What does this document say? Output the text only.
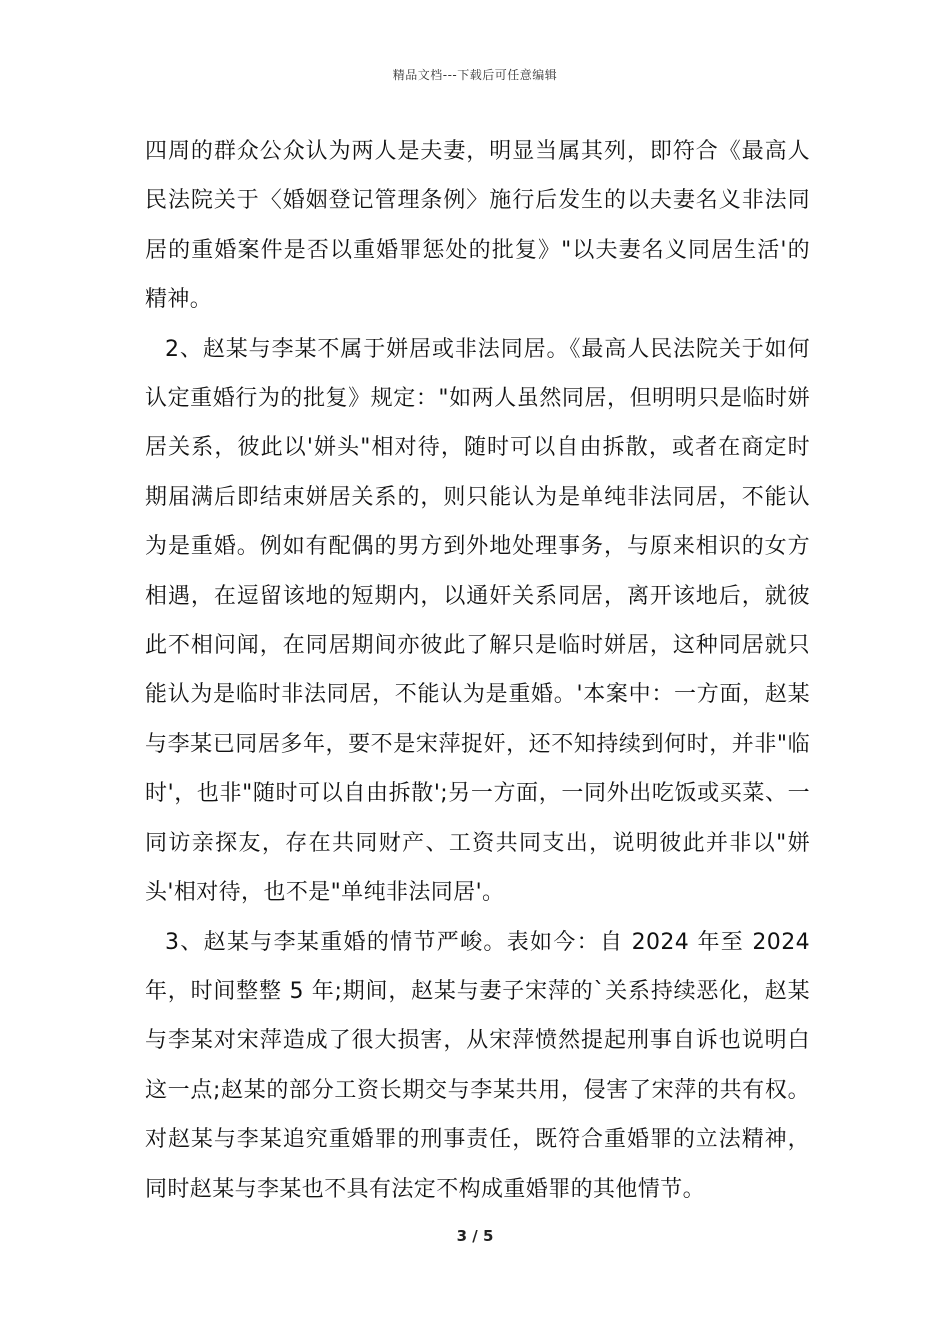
精品文档---下载后可任意编辑

四周的群众公众认为两人是夫妻，明显当属其列，即符合《最高人民法院关于〈婚姻登记管理条例〉施行后发生的以夫妻名义非法同居的重婚案件是否以重婚罪惩处的批复》"以夫妻名义同居生活'的精神。

2、赵某与李某不属于姘居或非法同居。《最高人民法院关于如何认定重婚行为的批复》规定："如两人虽然同居，但明明只是临时姘居关系，彼此以'姘头"相对待，随时可以自由拆散，或者在商定时期届满后即结束姘居关系的，则只能认为是单纯非法同居，不能认为是重婚。例如有配偶的男方到外地处理事务，与原来相识的女方相遇，在逗留该地的短期内，以通奸关系同居，离开该地后，就彼此不相问闻，在同居期间亦彼此了解只是临时姘居，这种同居就只能认为是临时非法同居，不能认为是重婚。'本案中：一方面，赵某与李某已同居多年，要不是宋萍捉奸，还不知持续到何时，并非"临时'，也非"随时可以自由拆散';另一方面，一同外出吃饭或买菜、一同访亲探友，存在共同财产、工资共同支出，说明彼此并非以"姘头'相对待，也不是"单纯非法同居'。

3、赵某与李某重婚的情节严峻。表如今：自 2024 年至 2024 年，时间整整 5 年;期间，赵某与妻子宋萍的`关系持续恶化，赵某与李某对宋萍造成了很大损害，从宋萍愤然提起刑事自诉也说明白这一点;赵某的部分工资长期交与李某共用，侵害了宋萍的共有权。对赵某与李某追究重婚罪的刑事责任，既符合重婚罪的立法精神，同时赵某与李某也不具有法定不构成重婚罪的其他情节。

3 / 5
